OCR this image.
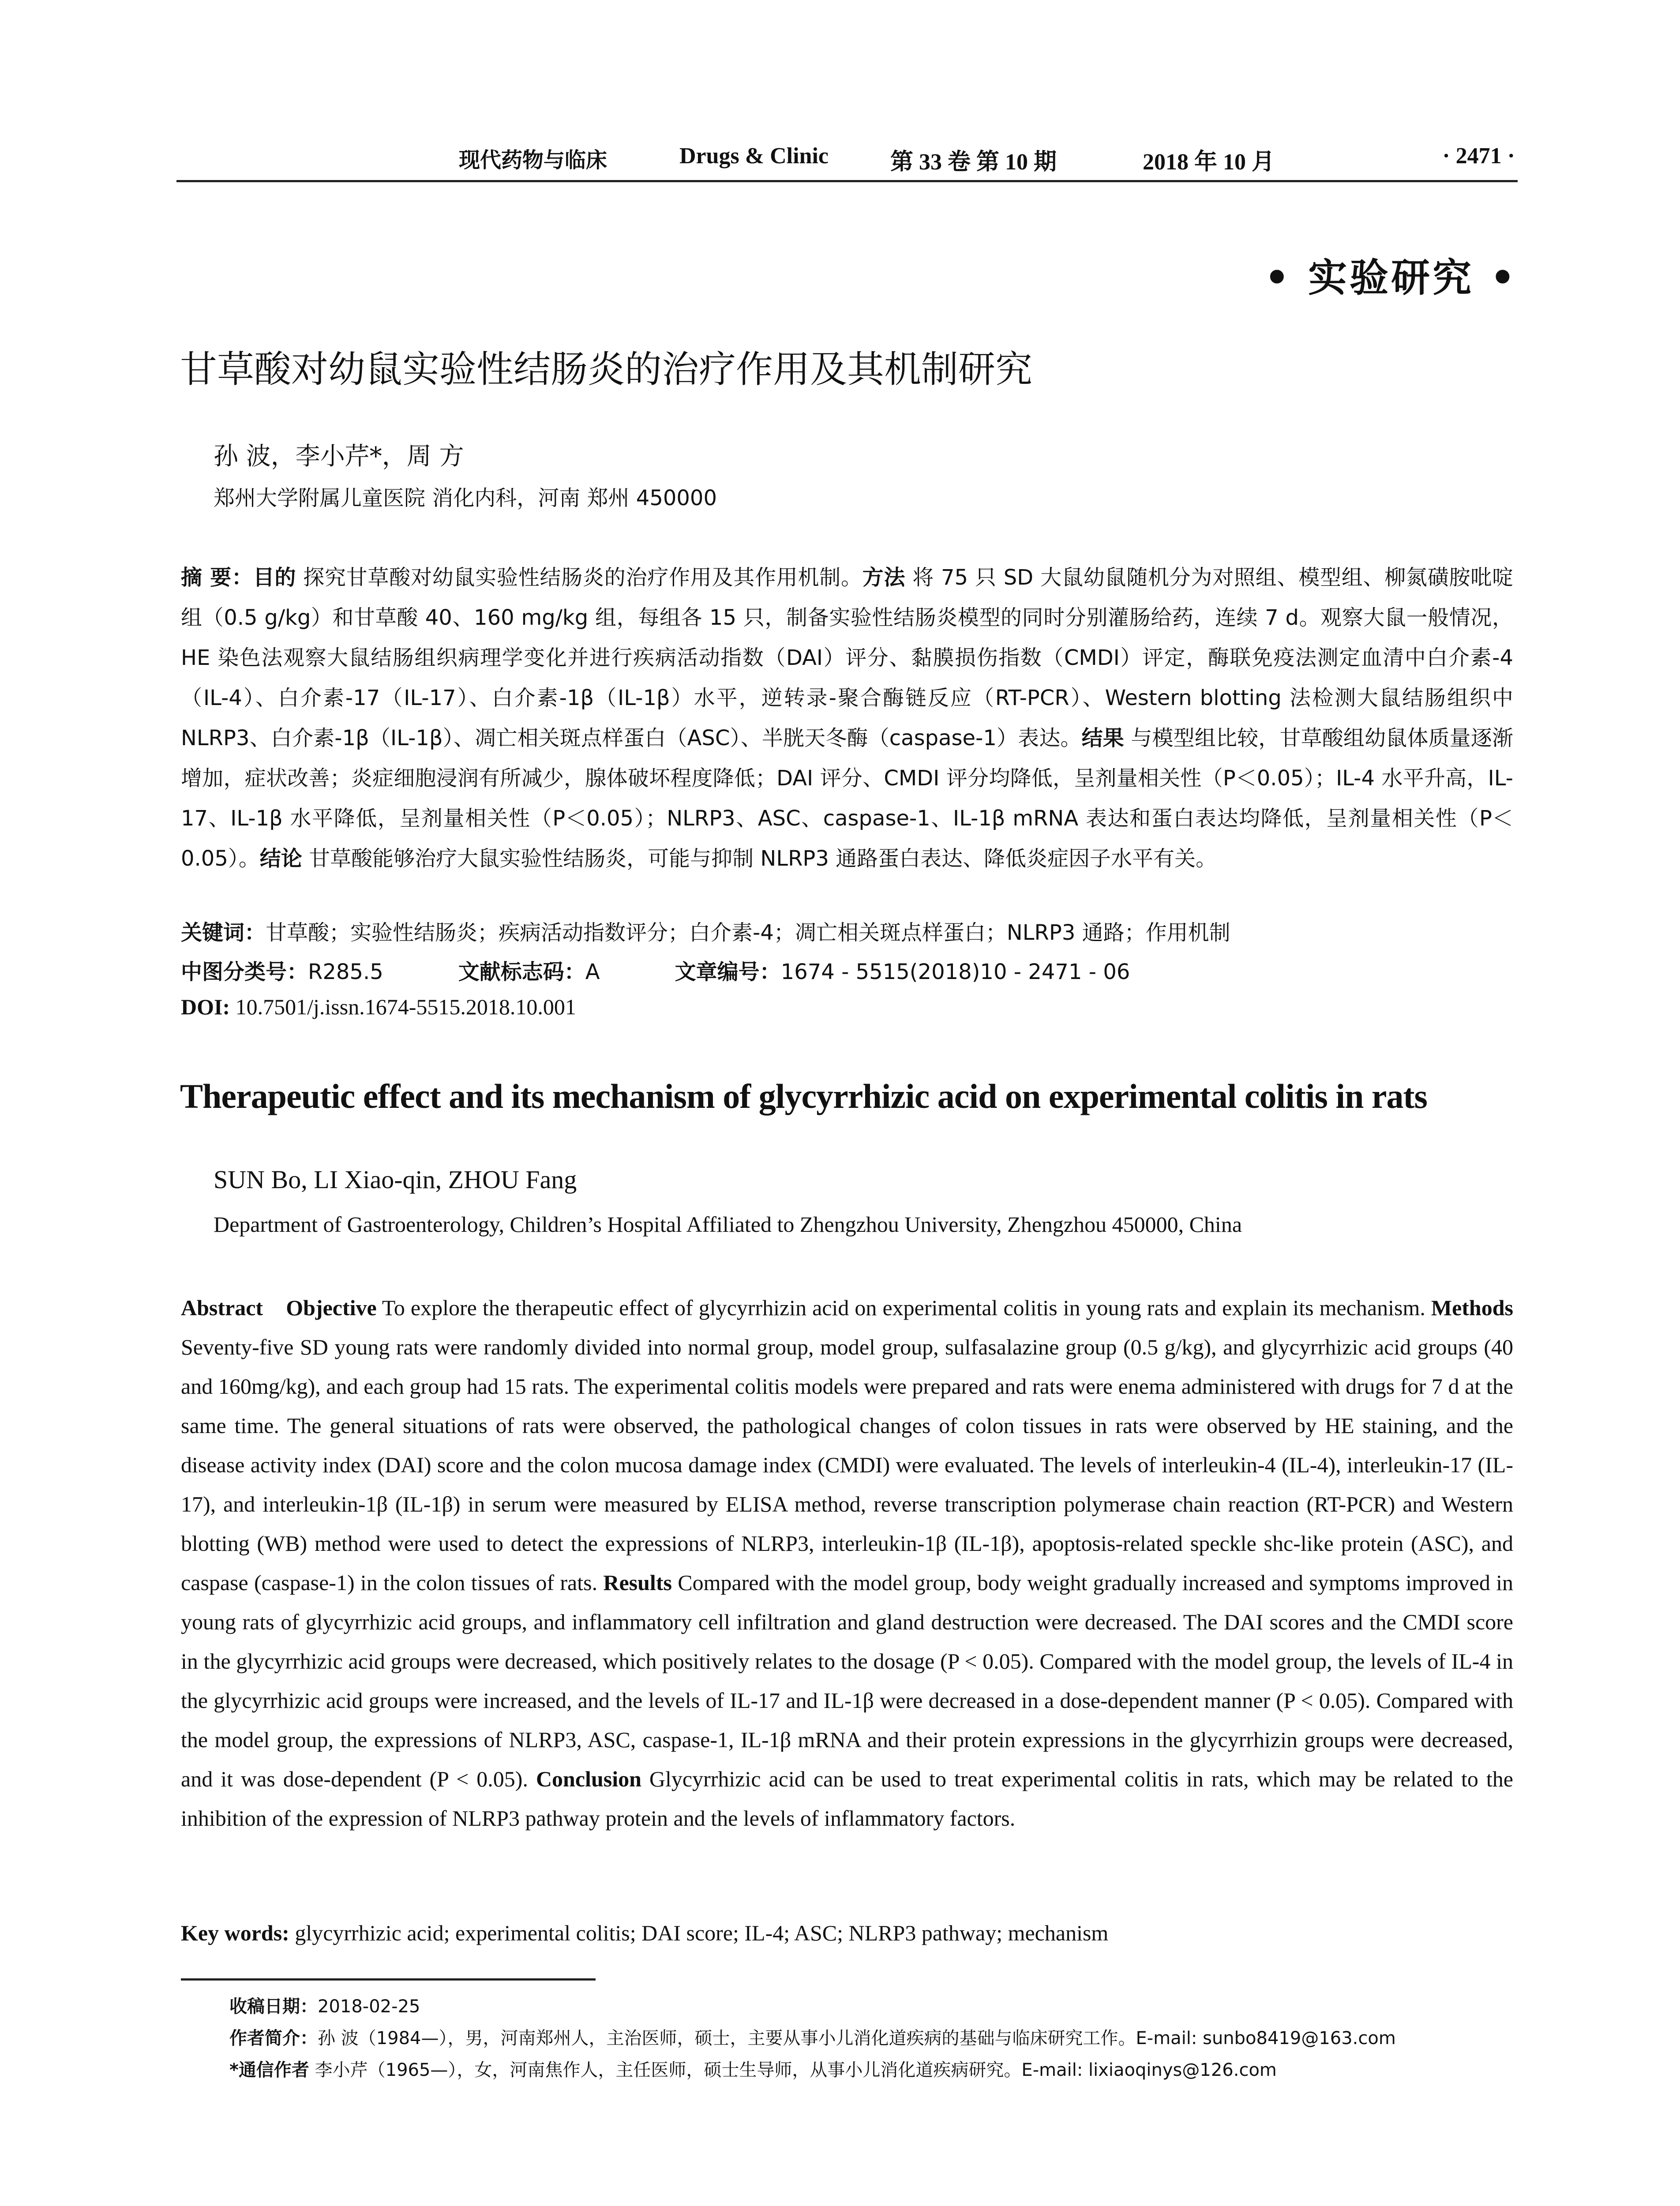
现代药物与临床	Drugs & Clinic	第 33 卷 第 10 期	2018 年 10 月	· 2471 ·
• 实验研究 •
甘草酸对幼鼠实验性结肠炎的治疗作用及其机制研究
孙 波，李小芹*，周 方
郑州大学附属儿童医院 消化内科，河南 郑州 450000

摘 要：目的 探究甘草酸对幼鼠实验性结肠炎的治疗作用及其作用机制。方法 将 75 只 SD 大鼠幼鼠随机分为对照组、模型组、柳氮磺胺吡啶组（0.5 g/kg）和甘草酸 40、160 mg/kg 组，每组各 15 只，制备实验性结肠炎模型的同时分别灌肠给药，连续 7 d。观察大鼠一般情况，HE 染色法观察大鼠结肠组织病理学变化并进行疾病活动指数（DAI）评分、黏膜损伤指数（CMDI）评定，酶联免疫法测定血清中白介素-4（IL-4）、白介素-17（IL-17）、白介素-1β（IL-1β）水平，逆转录-聚合酶链反应（RT-PCR）、Western blotting 法检测大鼠结肠组织中 NLRP3、白介素-1β（IL-1β）、凋亡相关斑点样蛋白（ASC）、半胱天冬酶（caspase-1）表达。结果 与模型组比较，甘草酸组幼鼠体质量逐渐增加，症状改善；炎症细胞浸润有所减少，腺体破坏程度降低；DAI 评分、CMDI 评分均降低，呈剂量相关性（P＜0.05）；IL-4 水平升高，IL-17、IL-1β 水平降低，呈剂量相关性（P＜0.05）；NLRP3、ASC、caspase-1、IL-1β mRNA 表达和蛋白表达均降低，呈剂量相关性（P＜0.05）。结论 甘草酸能够治疗大鼠实验性结肠炎，可能与抑制 NLRP3 通路蛋白表达、降低炎症因子水平有关。

关键词：甘草酸；实验性结肠炎；疾病活动指数评分；白介素-4；凋亡相关斑点样蛋白；NLRP3 通路；作用机制
中图分类号：R285.5	文献标志码：A	文章编号：1674 - 5515(2018)10 - 2471 - 06
DOI: 10.7501/j.issn.1674-5515.2018.10.001
Therapeutic effect and its mechanism of glycyrrhizic acid on experimental colitis in rats
SUN Bo, LI Xiao-qin, ZHOU Fang
Department of Gastroenterology, Children’s Hospital Affiliated to Zhengzhou University, Zhengzhou 450000, China

Abstract Objective To explore the therapeutic effect of glycyrrhizin acid on experimental colitis in young rats and explain its mechanism. Methods Seventy-five SD young rats were randomly divided into normal group, model group, sulfasalazine group (0.5 g/kg), and glycyrrhizic acid groups (40 and 160mg/kg), and each group had 15 rats. The experimental colitis models were prepared and rats were enema administered with drugs for 7 d at the same time. The general situations of rats were observed, the pathological changes of colon tissues in rats were observed by HE staining, and the disease activity index (DAI) score and the colon mucosa damage index (CMDI) were evaluated. The levels of interleukin-4 (IL-4), interleukin-17 (IL-17), and interleukin-1β (IL-1β) in serum were measured by ELISA method, reverse transcription polymerase chain reaction (RT-PCR) and Western blotting (WB) method were used to detect the expressions of NLRP3, interleukin-1β (IL-1β), apoptosis-related speckle shc-like protein (ASC), and caspase (caspase-1) in the colon tissues of rats. Results Compared with the model group, body weight gradually increased and symptoms improved in young rats of glycyrrhizic acid groups, and inflammatory cell infiltration and gland destruction were decreased. The DAI scores and the CMDI score in the glycyrrhizic acid groups were decreased, which positively relates to the dosage (P < 0.05). Compared with the model group, the levels of IL-4 in the glycyrrhizic acid groups were increased, and the levels of IL-17 and IL-1β were decreased in a dose-dependent manner (P < 0.05). Compared with the model group, the expressions of NLRP3, ASC, caspase-1, IL-1β mRNA and their protein expressions in the glycyrrhizin groups were decreased, and it was dose-dependent (P < 0.05). Conclusion Glycyrrhizic acid can be used to treat experimental colitis in rats, which may be related to the inhibition of the expression of NLRP3 pathway protein and the levels of inflammatory factors.

Key words: glycyrrhizic acid; experimental colitis; DAI score; IL-4; ASC; NLRP3 pathway; mechanism

收稿日期：2018-02-25

作者简介：孙 波（1984—），男，河南郑州人，主治医师，硕士，主要从事小儿消化道疾病的基础与临床研究工作。E-mail: sunbo8419@163.com

*通信作者 李小芹（1965—），女，河南焦作人，主任医师，硕士生导师，从事小儿消化道疾病研究。E-mail: lixiaoqinys@126.com
